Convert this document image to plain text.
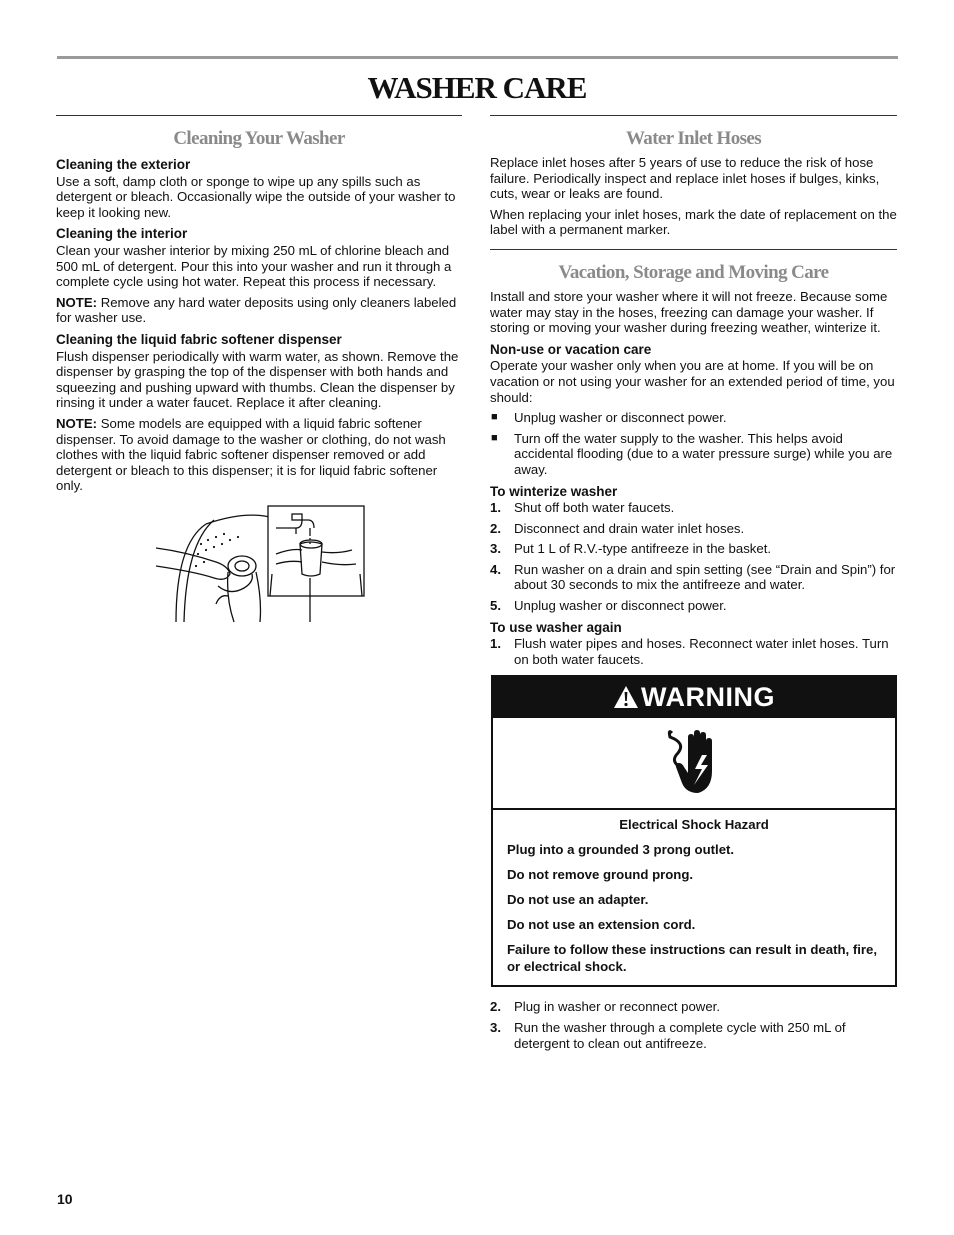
WASHER CARE
Cleaning Your Washer
Cleaning the exterior

Use a soft, damp cloth or sponge to wipe up any spills such as detergent or bleach. Occasionally wipe the outside of your washer to keep it looking new.

Cleaning the interior

Clean your washer interior by mixing 250 mL of chlorine bleach and 500 mL of detergent. Pour this into your washer and run it through a complete cycle using hot water. Repeat this process if necessary.

NOTE: Remove any hard water deposits using only cleaners labeled for washer use.

Cleaning the liquid fabric softener dispenser

Flush dispenser periodically with warm water, as shown. Remove the dispenser by grasping the top of the dispenser with both hands and squeezing and pushing upward with thumbs. Clean the dispenser by rinsing it under a water faucet. Replace it after cleaning.

NOTE: Some models are equipped with a liquid fabric softener dispenser. To avoid damage to the washer or clothing, do not wash clothes with the liquid fabric softener dispenser removed or add detergent or bleach to this dispenser; it is for liquid fabric softener only.

Water Inlet Hoses

Replace inlet hoses after 5 years of use to reduce the risk of hose failure. Periodically inspect and replace inlet hoses if bulges, kinks, cuts, wear or leaks are found.

When replacing your inlet hoses, mark the date of replacement on the label with a permanent marker.

Vacation, Storage and Moving Care

Install and store your washer where it will not freeze. Because some water may stay in the hoses, freezing can damage your washer. If storing or moving your washer during freezing weather, winterize it.

Non-use or vacation care

Operate your washer only when you are at home. If you will be on vacation or not using your washer for an extended period of time, you should:

■ Unplug washer or disconnect power.
■ Turn off the water supply to the washer. This helps avoid accidental flooding (due to a water pressure surge) while you are away.
To winterize washer
1. Shut off both water faucets.
2. Disconnect and drain water inlet hoses.
3. Put 1 L of R.V.-type antifreeze in the basket.
4. Run washer on a drain and spin setting (see “Drain and Spin”) for about 30 seconds to mix the antifreeze and water.
5. Unplug washer or disconnect power.
To use washer again
1. Flush water pipes and hoses. Reconnect water inlet hoses. Turn on both water faucets.
WARNING

Electrical Shock Hazard

Plug into a grounded 3 prong outlet.

Do not remove ground prong.

Do not use an adapter.

Do not use an extension cord.

Failure to follow these instructions can result in death, fire, or electrical shock.

2. Plug in washer or reconnect power.
3. Run the washer through a complete cycle with 250 mL of detergent to clean out antifreeze.
10
